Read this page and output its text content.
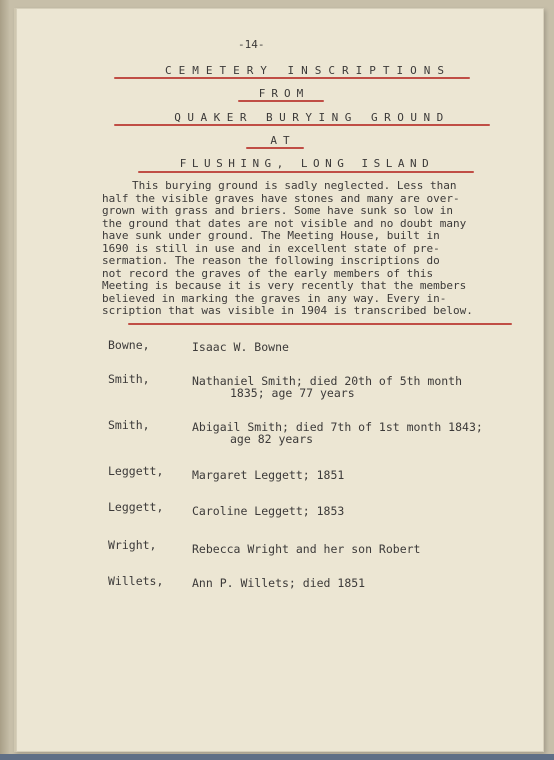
-14-
CEMETERY INSCRIPTIONS
FROM
QUAKER BURYING GROUND
AT
FLUSHING, LONG ISLAND
This burying ground is sadly neglected. Less than
half the visible graves have stones and many are over-
grown with grass and briers. Some have sunk so low in
the ground that dates are not visible and no doubt many
have sunk under ground. The Meeting House, built in
1690 is still in use and in excellent state of pre-
sermation. The reason the following inscriptions do
not record the graves of the early members of this
Meeting is because it is very recently that the members
believed in marking the graves in any way. Every in-
scription that was visible in 1904 is transcribed below.
Bowne,	Isaac W. Bowne
Smith,	Nathaniel Smith; died 20th of 5th month
1835; age 77 years
Smith,	Abigail Smith; died 7th of 1st month 1843;
age 82 years
Leggett, Margaret Leggett; 1851
Leggett, Caroline Leggett; 1853
Wright,	Rebecca Wright and her son Robert
Willets, Ann P. Willets; died 1851
